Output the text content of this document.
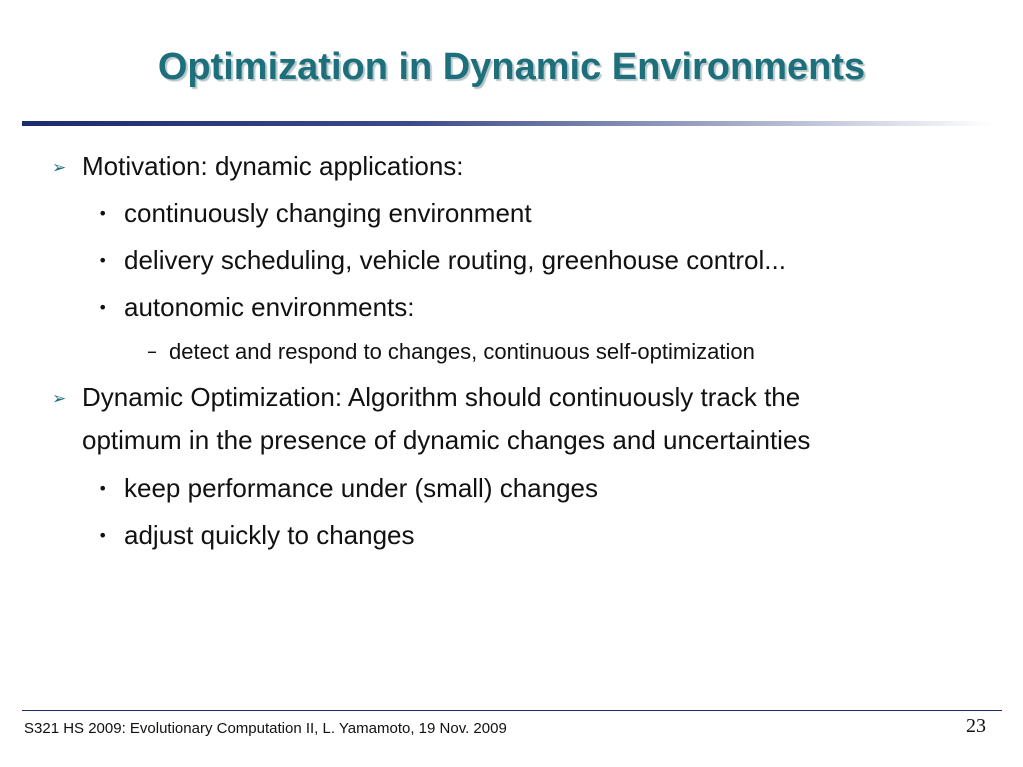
Optimization in Dynamic Environments
➢ Motivation: dynamic applications:
• continuously changing environment
• delivery scheduling, vehicle routing, greenhouse control...
• autonomic environments:
– detect and respond to changes, continuous self-optimization
➢ Dynamic Optimization: Algorithm should continuously track the
optimum in the presence of dynamic changes and uncertainties
• keep performance under (small) changes
• adjust quickly to changes
S321 HS 2009: Evolutionary Computation II, L. Yamamoto, 19 Nov. 2009	23
